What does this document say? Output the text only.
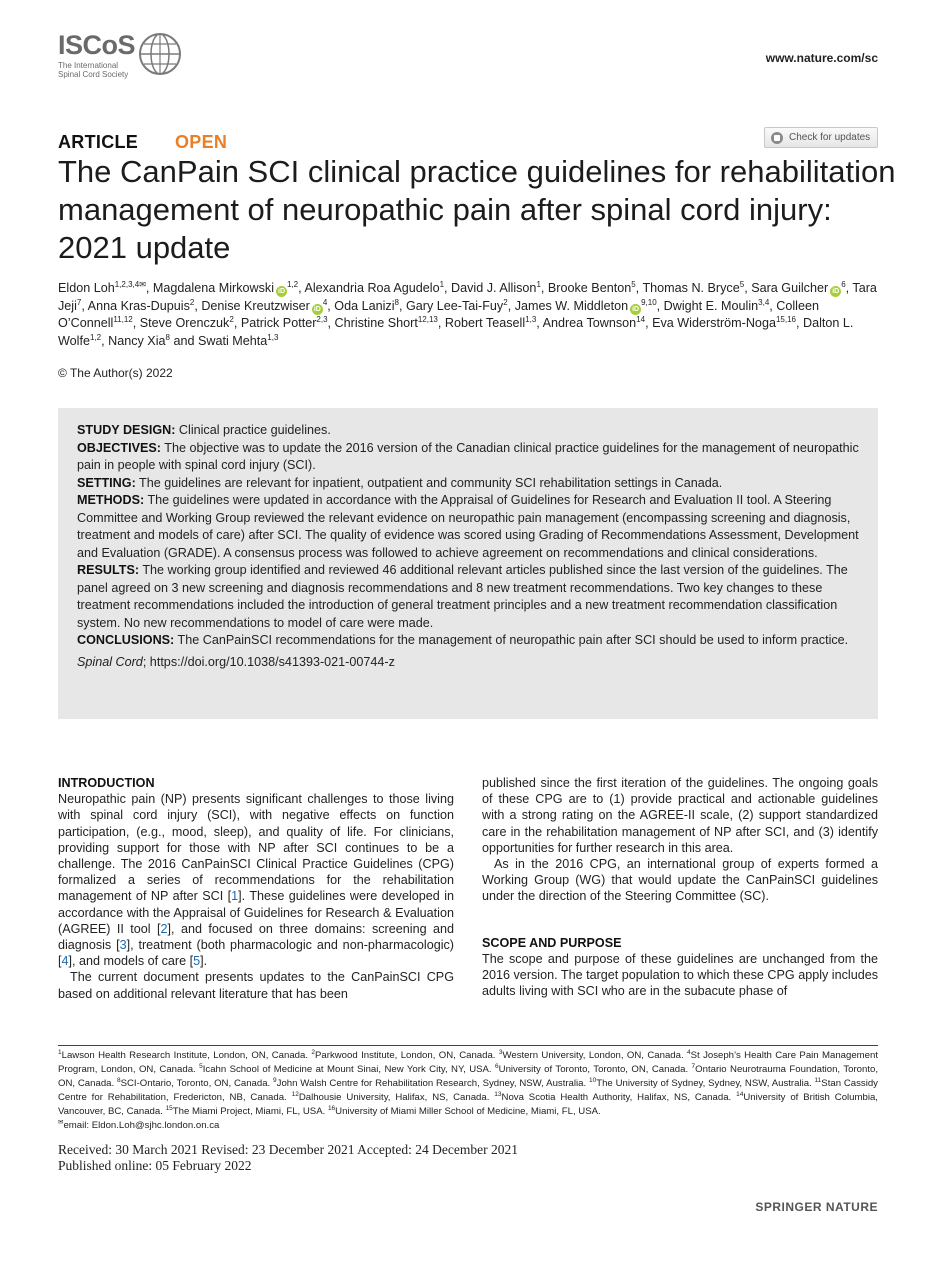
ISCoS
The International Spinal Cord Society
www.nature.com/sc
ARTICLE OPEN	Check for updates
The CanPain SCI clinical practice guidelines for rehabilitation management of neuropathic pain after spinal cord injury: 2021 update
Eldon Loh$^{1,2,3,4✉}$, Magdalena Mirkowski iD$^{1,2}$, Alexandria Roa Agudelo$^1$, David J. Allison$^1$, Brooke Benton$^5$, Thomas N. Bryce$^5$, Sara Guilcher $iD^6$, Tara Jeji$^7$, Anna Kras-Dupuis$^2$, Denise Kreutzwiser $iD^4$, Oda Lanizi$^8$, Gary Lee-Tai-Fuy$^2$, James W. Middleton iD$^{9,10}$, Dwight E. Moulin$^{3,4}$, Colleen O’Connell$^{11,12}$, Steve Orenczuk$^2$, Patrick Potter$^{2,3}$, Christine Short$^{12,13}$, Robert Teasell$^{1,3}$, Andrea Townson$^{14}$, Eva Widerström-Noga$^{15,16}$, Dalton L. Wolfe$^{1,2}$, Nancy Xia$^8$ and Swati Mehta$^{1,3}$
© The Author(s) 2022

STUDY DESIGN: Clinical practice guidelines.

OBJECTIVES: The objective was to update the 2016 version of the Canadian clinical practice guidelines for the management of neuropathic pain in people with spinal cord injury (SCI).

SETTING: The guidelines are relevant for inpatient, outpatient and community SCI rehabilitation settings in Canada.

METHODS: The guidelines were updated in accordance with the Appraisal of Guidelines for Research and Evaluation II tool. A Steering Committee and Working Group reviewed the relevant evidence on neuropathic pain management (encompassing screening and diagnosis, treatment and models of care) after SCI. The quality of evidence was scored using Grading of Recommendations Assessment, Development and Evaluation (GRADE). A consensus process was followed to achieve agreement on recommendations and clinical considerations.

RESULTS: The working group identified and reviewed 46 additional relevant articles published since the last version of the guidelines. The panel agreed on 3 new screening and diagnosis recommendations and 8 new treatment recommendations. Two key changes to these treatment recommendations included the introduction of general treatment principles and a new treatment recommendation classification system. No new recommendations to model of care were made.

CONCLUSIONS: The CanPainSCI recommendations for the management of neuropathic pain after SCI should be used to inform practice.

Spinal Cord; https://doi.org/10.1038/s41393-021-00744-z

INTRODUCTION

Neuropathic pain (NP) presents significant challenges to those living with spinal cord injury (SCI), with negative effects on function participation, (e.g., mood, sleep), and quality of life. For clinicians, providing support for those with NP after SCI continues to be a challenge. The 2016 CanPainSCI Clinical Practice Guidelines (CPG) formalized a series of recommendations for the rehabilitation management of NP after SCI [1]. These guidelines were developed in accordance with the Appraisal of Guidelines for Research & Evaluation (AGREE) II tool [2], and focused on three domains: screening and diagnosis [3], treatment (both pharmacologic and non-pharmacologic) [4], and models of care [5].

The current document presents updates to the CanPainSCI CPG based on additional relevant literature that has been

published since the first iteration of the guidelines. The ongoing goals of these CPG are to (1) provide practical and actionable guidelines with a strong rating on the AGREE-II scale, (2) support standardized care in the rehabilitation management of NP after SCI, and (3) identify opportunities for further research in this area.

As in the 2016 CPG, an international group of experts formed a Working Group (WG) that would update the CanPainSCI guidelines under the direction of the Steering Committee (SC).

SCOPE AND PURPOSE

The scope and purpose of these guidelines are unchanged from the 2016 version. The target population to which these CPG apply includes adults living with SCI who are in the subacute phase of

$^1$Lawson Health Research Institute, London, ON, Canada. $^2$Parkwood Institute, London, ON, Canada. $^3$Western University, London, ON, Canada. $^4$St Joseph’s Health Care Pain Management Program, London, ON, Canada. $^5$Icahn School of Medicine at Mount Sinai, New York City, NY, USA. $^6$University of Toronto, Toronto, ON, Canada. $^7$Ontario Neurotrauma Foundation, Toronto, ON, Canada. $^8$SCI-Ontario, Toronto, ON, Canada. $^9$John Walsh Centre for Rehabilitation Research, Sydney, NSW, Australia. $^{10}$The University of Sydney, Sydney, NSW, Australia. $^{11}$Stan Cassidy Centre for Rehabilitation, Fredericton, NB, Canada. $^{12}$Dalhousie University, Halifax, NS, Canada. $^{13}$Nova Scotia Health Authority, Halifax, NS, Canada. $^{14}$University of British Columbia, Vancouver, BC, Canada. $^{15}$The Miami Project, Miami, FL, USA. $^{16}$University of Miami Miller School of Medicine, Miami, FL, USA.
✉email: Eldon.Loh@sjhc.london.on.ca
Received: 30 March 2021 Revised: 23 December 2021 Accepted: 24 December 2021
Published online: 05 February 2022
SPRINGER NATURE
